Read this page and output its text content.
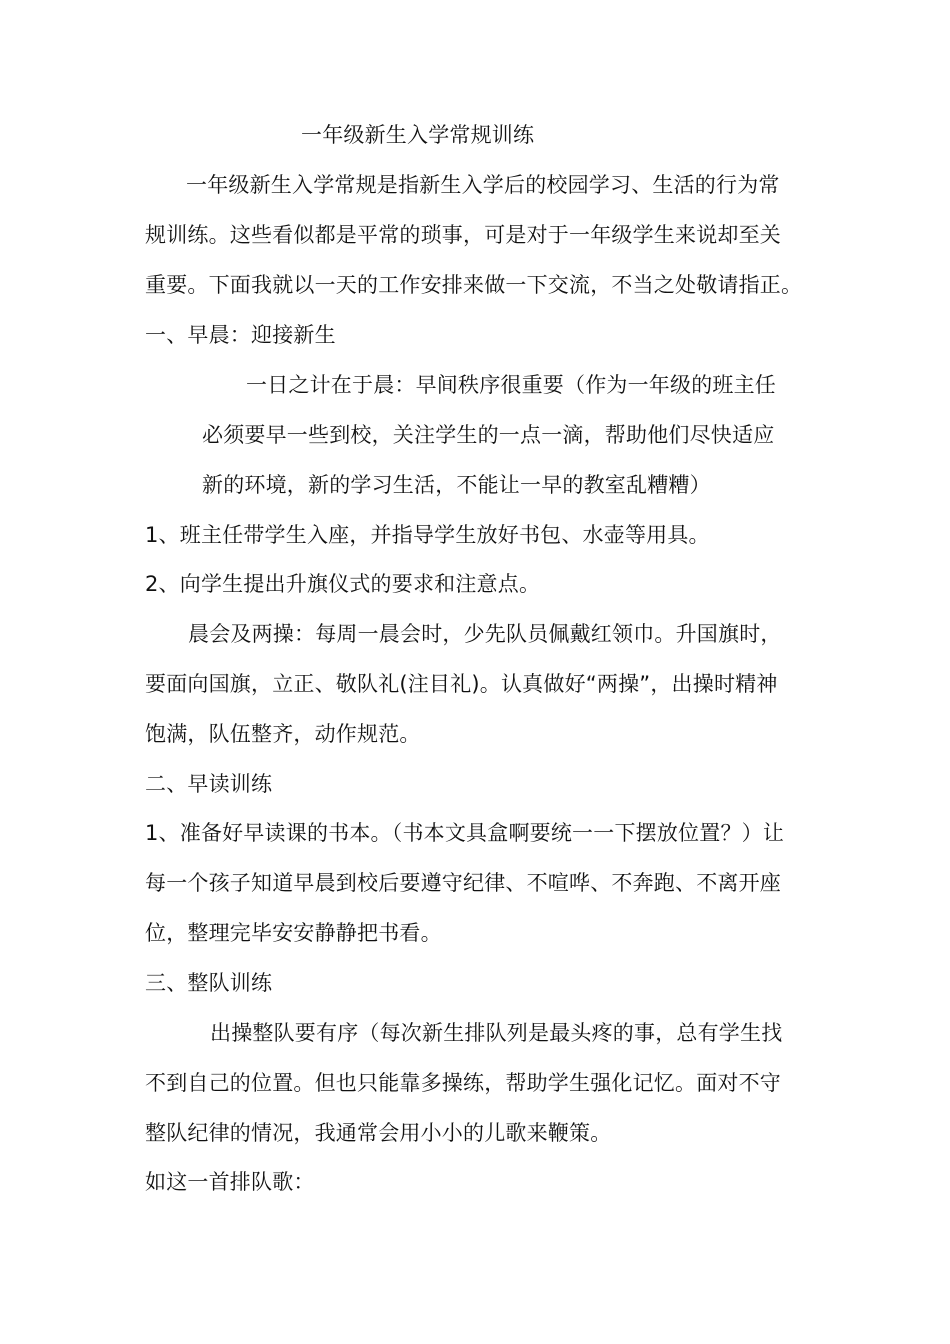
一年级新生入学常规训练
一年级新生入学常规是指新生入学后的校园学习、生活的行为常
规训练。这些看似都是平常的琐事，可是对于一年级学生来说却至关
重要。下面我就以一天的工作安排来做一下交流，不当之处敬请指正。
一、早晨：迎接新生
一日之计在于晨：早间秩序很重要（作为一年级的班主任
必须要早一些到校，关注学生的一点一滴，帮助他们尽快适应
新的环境，新的学习生活，不能让一早的教室乱糟糟）
1、班主任带学生入座，并指导学生放好书包、水壶等用具。
2、向学生提出升旗仪式的要求和注意点。
晨会及两操：每周一晨会时，少先队员佩戴红领巾。升国旗时，
要面向国旗，立正、敬队礼(注目礼)。认真做好“两操”，出操时精神
饱满，队伍整齐，动作规范。
二、早读训练
1、准备好早读课的书本。（书本文具盒啊要统一一下摆放位置？）让
每一个孩子知道早晨到校后要遵守纪律、不喧哗、不奔跑、不离开座
位，整理完毕安安静静把书看。
三、整队训练
出操整队要有序（每次新生排队列是最头疼的事，总有学生找
不到自己的位置。但也只能靠多操练，帮助学生强化记忆。面对不守
整队纪律的情况，我通常会用小小的儿歌来鞭策。
如这一首排队歌：
